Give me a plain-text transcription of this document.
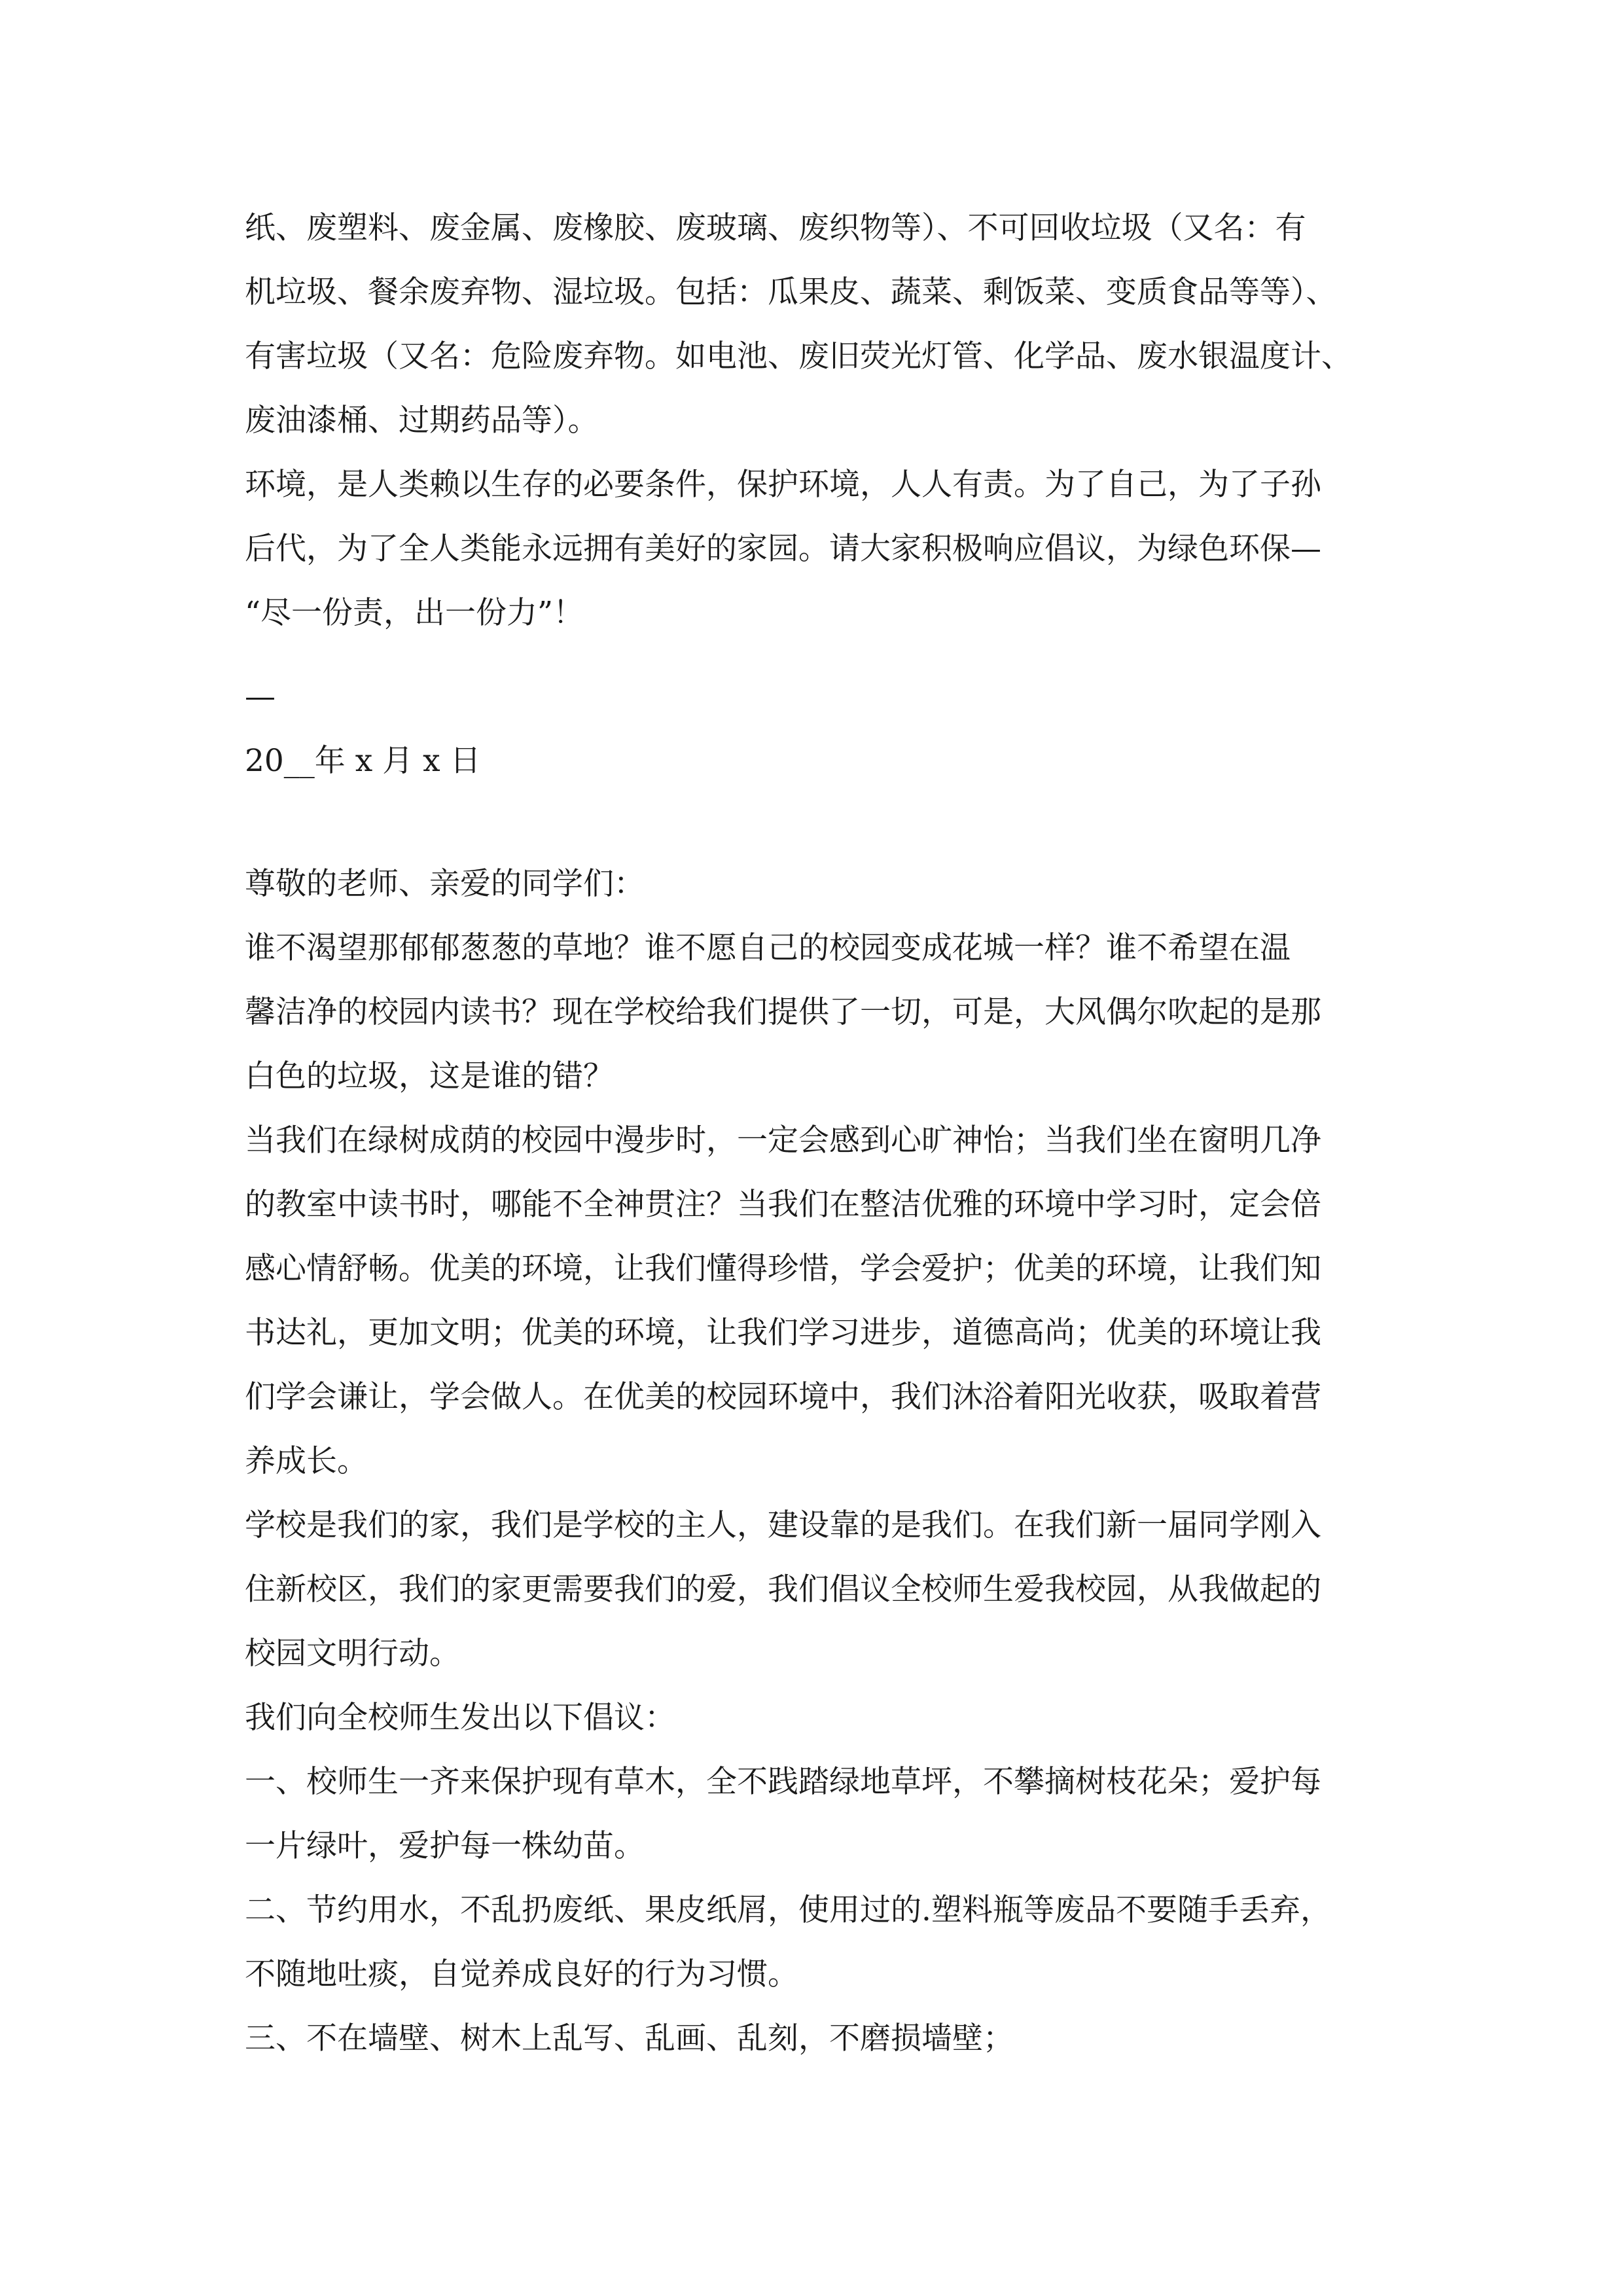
纸、废塑料、废金属、废橡胶、废玻璃、废织物等）、不可回收垃圾（又名：有
机垃圾、餐余废弃物、湿垃圾。包括：瓜果皮、蔬菜、剩饭菜、变质食品等等）、
有害垃圾（又名：危险废弃物。如电池、废旧荧光灯管、化学品、废水银温度计、
废油漆桶、过期药品等）。
环境，是人类赖以生存的必要条件，保护环境，人人有责。为了自己，为了子孙
后代，为了全人类能永远拥有美好的家园。请大家积极响应倡议，为绿色环保—
“尽一份责，出一份力”！
—
20__年 x 月 x 日
尊敬的老师、亲爱的同学们：
谁不渴望那郁郁葱葱的草地？谁不愿自己的校园变成花城一样？谁不希望在温
馨洁净的校园内读书？现在学校给我们提供了一切，可是，大风偶尔吹起的是那
白色的垃圾，这是谁的错？
当我们在绿树成荫的校园中漫步时，一定会感到心旷神怡；当我们坐在窗明几净
的教室中读书时，哪能不全神贯注？当我们在整洁优雅的环境中学习时，定会倍
感心情舒畅。优美的环境，让我们懂得珍惜，学会爱护；优美的环境，让我们知
书达礼，更加文明；优美的环境，让我们学习进步，道德高尚；优美的环境让我
们学会谦让，学会做人。在优美的校园环境中，我们沐浴着阳光收获，吸取着营
养成长。
学校是我们的家，我们是学校的主人，建设靠的是我们。在我们新一届同学刚入
住新校区，我们的家更需要我们的爱，我们倡议全校师生爱我校园，从我做起的
校园文明行动。
我们向全校师生发出以下倡议：
一、校师生一齐来保护现有草木，全不践踏绿地草坪，不攀摘树枝花朵；爱护每
一片绿叶，爱护每一株幼苗。
二、节约用水，不乱扔废纸、果皮纸屑，使用过的.塑料瓶等废品不要随手丢弃，
不随地吐痰，自觉养成良好的行为习惯。
三、不在墙壁、树木上乱写、乱画、乱刻，不磨损墙壁；
